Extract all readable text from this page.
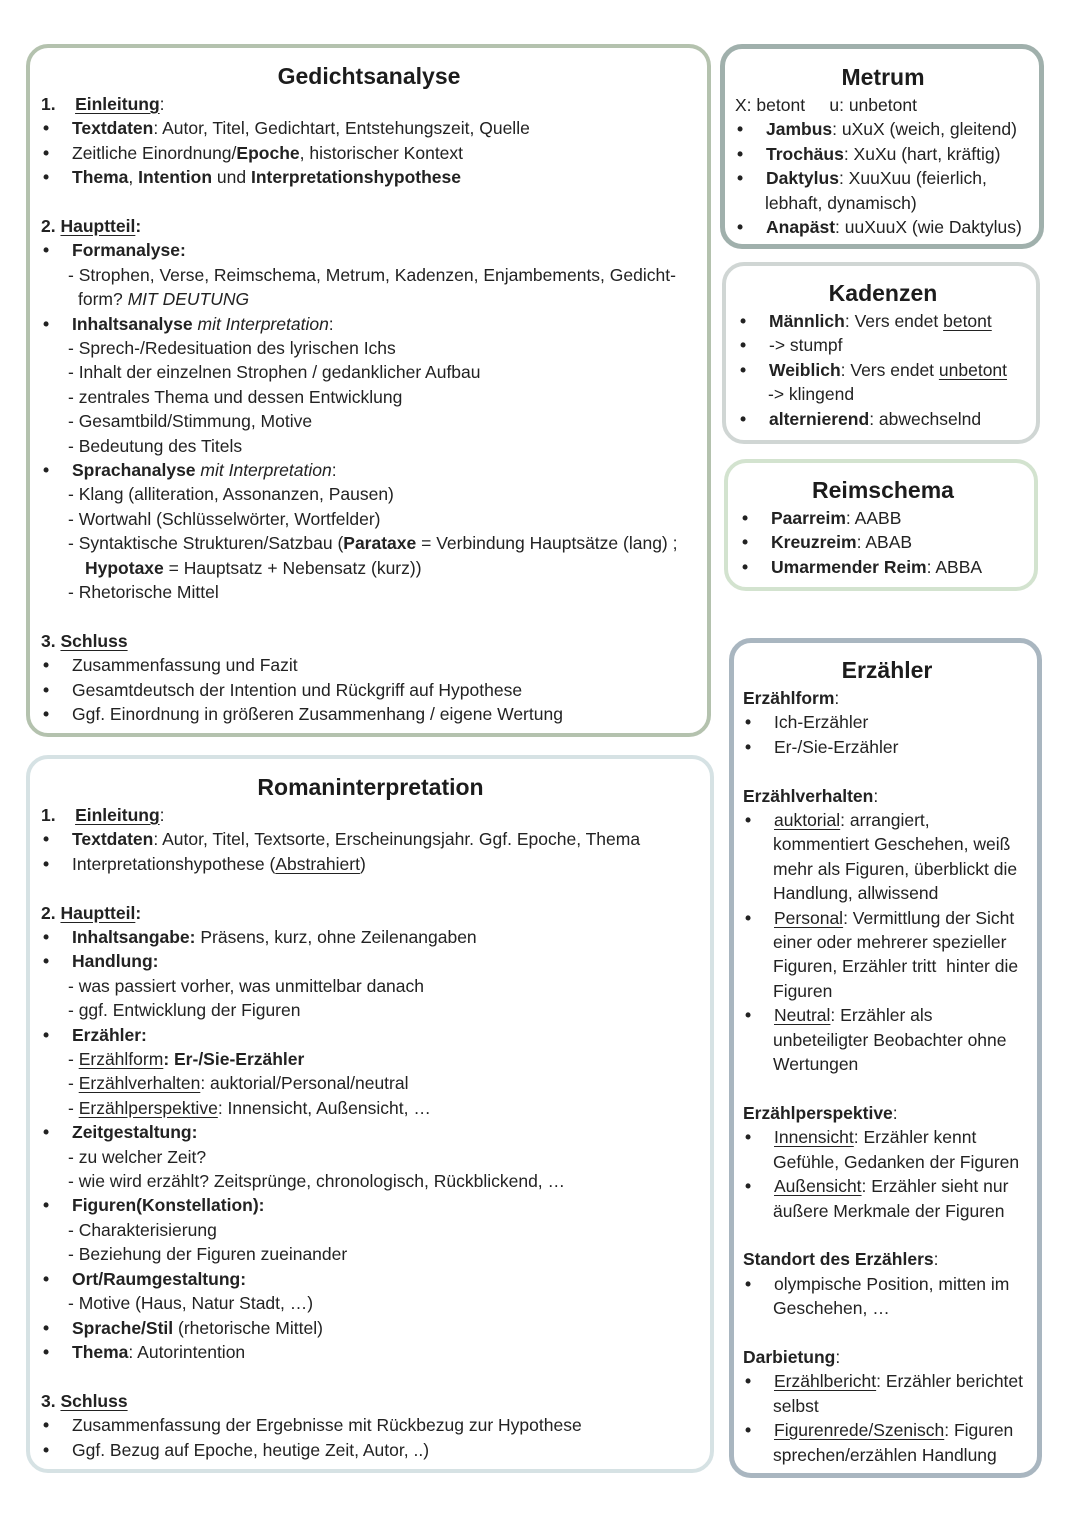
Gedichtsanalyse
1. Einleitung:
• Textdaten: Autor, Titel, Gedichtart, Entstehungszeit, Quelle
• Zeitliche Einordnung/Epoche, historischer Kontext
• Thema, Intention und Interpretationshypothese
2. Hauptteil:
• Formanalyse:
- Strophen, Verse, Reimschema, Metrum, Kadenzen, Enjambements, Gedicht-
form? MIT DEUTUNG
• Inhaltsanalyse mit Interpretation:
- Sprech-/Redesituation des lyrischen Ichs
- Inhalt der einzelnen Strophen / gedanklicher Aufbau
- zentrales Thema und dessen Entwicklung
- Gesamtbild/Stimmung, Motive
- Bedeutung des Titels
• Sprachanalyse mit Interpretation:
- Klang (alliteration, Assonanzen, Pausen)
- Wortwahl (Schlüsselwörter, Wortfelder)
- Syntaktische Strukturen/Satzbau (Parataxe = Verbindung Hauptsätze (lang) ;
Hypotaxe = Hauptsatz + Nebensatz (kurz))
- Rhetorische Mittel
3. Schluss
• Zusammenfassung und Fazit
• Gesamtdeutsch der Intention und Rückgriff auf Hypothese
• Ggf. Einordnung in größeren Zusammenhang / eigene Wertung
Romaninterpretation
1. Einleitung:
• Textdaten: Autor, Titel, Textsorte, Erscheinungsjahr. Ggf. Epoche, Thema
• Interpretationshypothese (Abstrahiert)
2. Hauptteil:
• Inhaltsangabe: Präsens, kurz, ohne Zeilenangaben
• Handlung:
- was passiert vorher, was unmittelbar danach
- ggf. Entwicklung der Figuren
• Erzähler:
- Erzählform: Er-/Sie-Erzähler
- Erzählverhalten: auktorial/Personal/neutral
- Erzählperspektive: Innensicht, Außensicht, …
• Zeitgestaltung:
- zu welcher Zeit?
- wie wird erzählt? Zeitsprünge, chronologisch, Rückblickend, …
• Figuren(Konstellation):
- Charakterisierung
- Beziehung der Figuren zueinander
• Ort/Raumgestaltung:
- Motive (Haus, Natur Stadt, …)
• Sprache/Stil (rhetorische Mittel)
• Thema: Autorintention
3. Schluss
• Zusammenfassung der Ergebnisse mit Rückbezug zur Hypothese
• Ggf. Bezug auf Epoche, heutige Zeit, Autor, ..)
Metrum
X: betont     u: unbetont
• Jambus: uXuX (weich, gleitend)
• Trochäus: XuXu (hart, kräftig)
• Daktylus: XuuXuu (feierlich,
lebhaft, dynamisch)
• Anapäst: uuXuuX (wie Daktylus)
Kadenzen
• Männlich: Vers endet betont
• -> stumpf
• Weiblich: Vers endet unbetont
-> klingend
• alternierend: abwechselnd
Reimschema
• Paarreim: AABB
• Kreuzreim: ABAB
• Umarmender Reim: ABBA
Erzähler
Erzählform:
• Ich-Erzähler
• Er-/Sie-Erzähler
Erzählverhalten:
• auktorial: arrangiert,
kommentiert Geschehen, weiß
mehr als Figuren, überblickt die
Handlung, allwissend
• Personal: Vermittlung der Sicht
einer oder mehrerer spezieller
Figuren, Erzähler tritt  hinter die
Figuren
• Neutral: Erzähler als
unbeteiligter Beobachter ohne
Wertungen
Erzählperspektive:
• Innensicht: Erzähler kennt
Gefühle, Gedanken der Figuren
• Außensicht: Erzähler sieht nur
äußere Merkmale der Figuren
Standort des Erzählers:
• olympische Position, mitten im
Geschehen, …
Darbietung:
• Erzählbericht: Erzähler berichtet
selbst
• Figurenrede/Szenisch: Figuren
sprechen/erzählen Handlung
